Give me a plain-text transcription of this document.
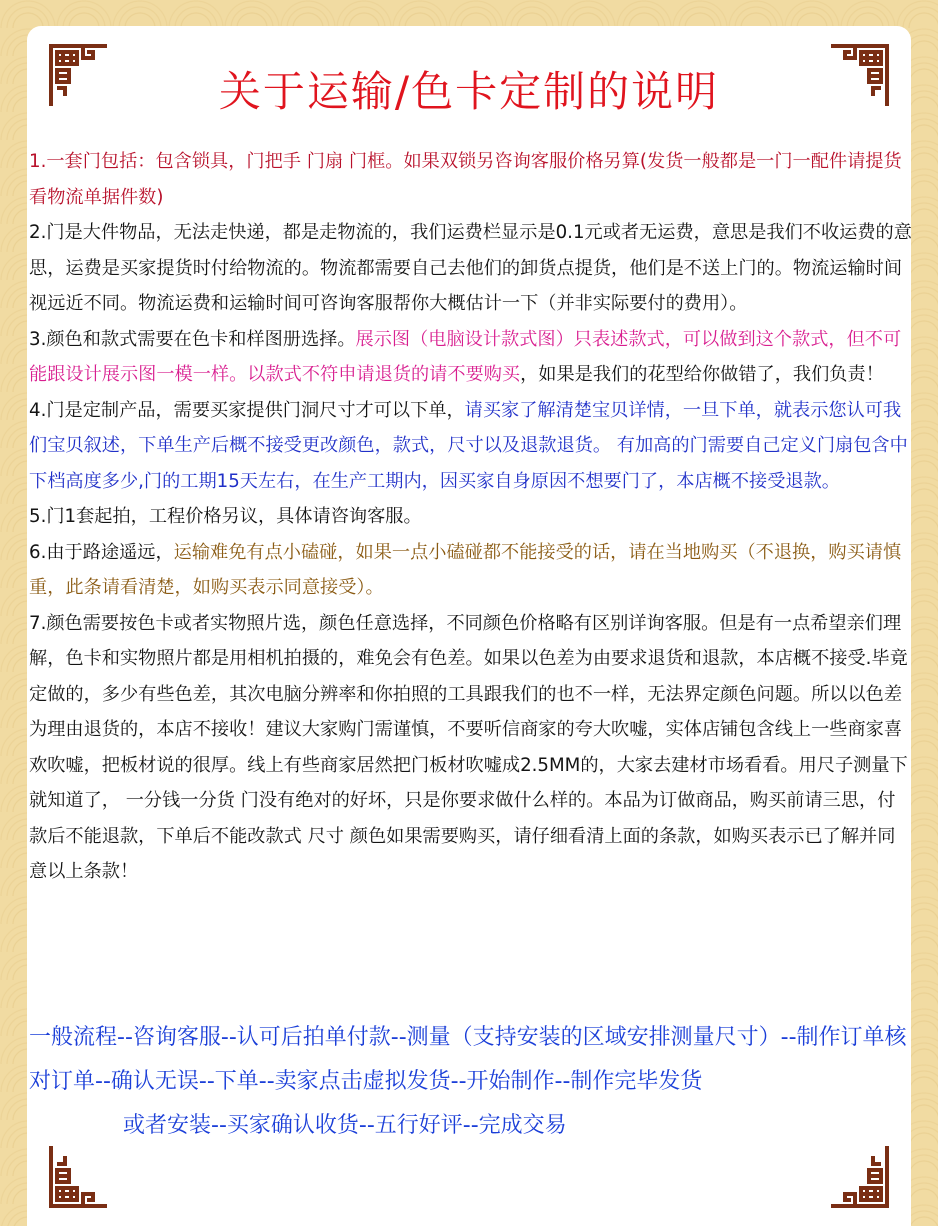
关于运输/色卡定制的说明

1.一套门包括：包含锁具，门把手 门扇 门框。如果双锁另咨询客服价格另算(发货一般都是一门一配件请提货看物流单据件数)

2.门是大件物品，无法走快递，都是走物流的，我们运费栏显示是0.1元或者无运费，意思是我们不收运费的意思，运费是买家提货时付给物流的。物流都需要自己去他们的卸货点提货，他们是不送上门的。物流运输时间视远近不同。物流运费和运输时间可咨询客服帮你大概估计一下（并非实际要付的费用）。

3.颜色和款式需要在色卡和样图册选择。展示图（电脑设计款式图）只表述款式，可以做到这个款式，但不可能跟设计展示图一模一样。以款式不符申请退货的请不要购买，如果是我们的花型给你做错了，我们负责！

4.门是定制产品，需要买家提供门洞尺寸才可以下单，请买家了解清楚宝贝详情，一旦下单，就表示您认可我们宝贝叙述，下单生产后概不接受更改颜色，款式，尺寸以及退款退货。 有加高的门需要自己定义门扇包含中下档高度多少,门的工期15天左右，在生产工期内，因买家自身原因不想要门了，本店概不接受退款。

5.门1套起拍，工程价格另议，具体请咨询客服。

6.由于路途遥远，运输难免有点小磕碰，如果一点小磕碰都不能接受的话，请在当地购买（不退换，购买请慎重，此条请看清楚，如购买表示同意接受）。

7.颜色需要按色卡或者实物照片选，颜色任意选择，不同颜色价格略有区别详询客服。但是有一点希望亲们理解，色卡和实物照片都是用相机拍摄的，难免会有色差。如果以色差为由要求退货和退款，本店概不接受.毕竟定做的，多少有些色差，其次电脑分辨率和你拍照的工具跟我们的也不一样，无法界定颜色问题。所以以色差为理由退货的，本店不接收！建议大家购门需谨慎，不要听信商家的夸大吹嘘，实体店铺包含线上一些商家喜欢吹嘘，把板材说的很厚。线上有些商家居然把门板材吹嘘成2.5MM的，大家去建材市场看看。用尺子测量下就知道了， 一分钱一分货 门没有绝对的好坏，只是你要求做什么样的。本品为订做商品，购买前请三思，付款后不能退款，下单后不能改款式 尺寸 颜色如果需要购买，请仔细看清上面的条款，如购买表示已了解并同意以上条款！

一般流程--咨询客服--认可后拍单付款--测量（支持安装的区域安排测量尺寸）--制作订单核对订单--确认无误--下单--卖家点击虚拟发货--开始制作--制作完毕发货
或者安装--买家确认收货--五行好评--完成交易
